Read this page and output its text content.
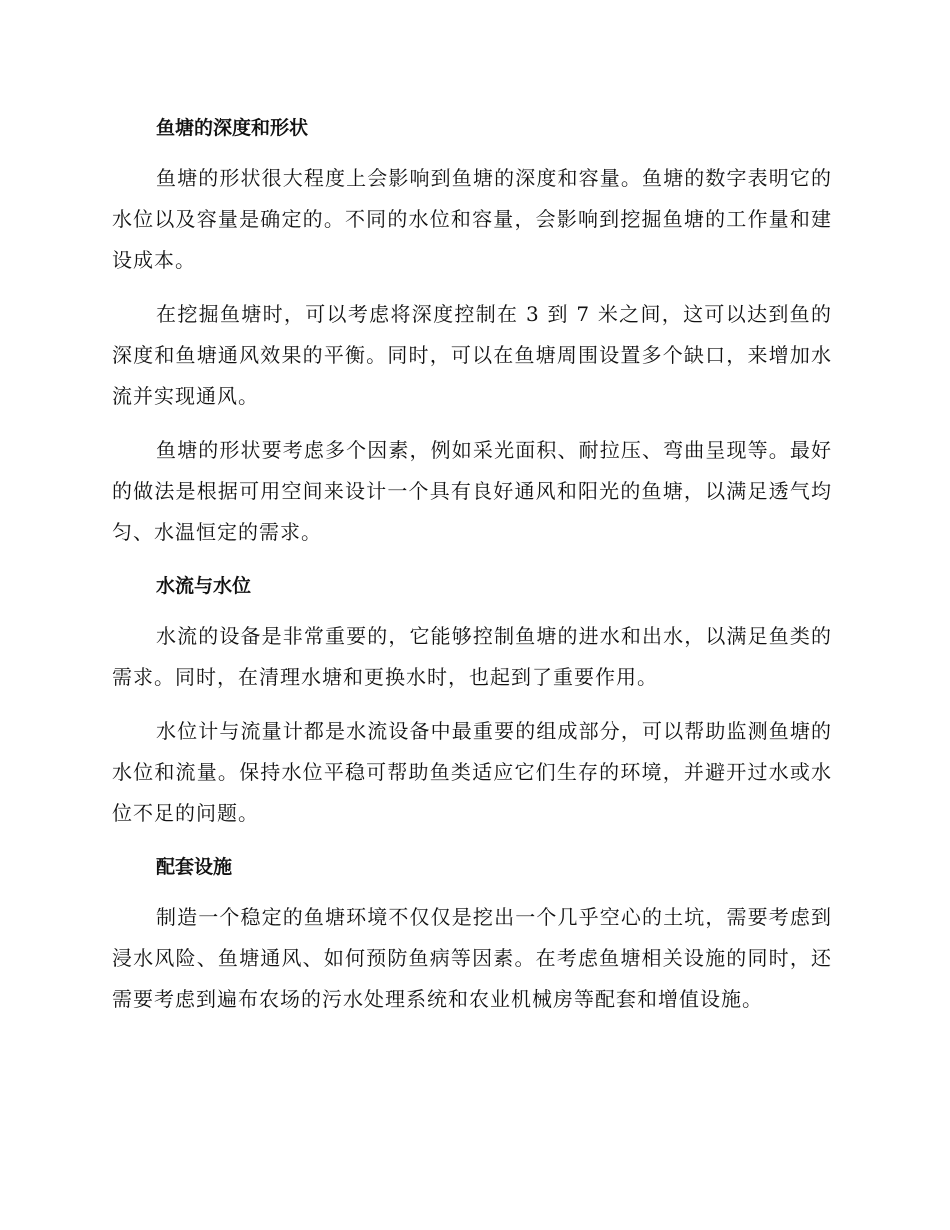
鱼塘的深度和形状

鱼塘的形状很大程度上会影响到鱼塘的深度和容量。鱼塘的数字表明它的水位以及容量是确定的。不同的水位和容量，会影响到挖掘鱼塘的工作量和建设成本。

在挖掘鱼塘时，可以考虑将深度控制在 3 到 7 米之间，这可以达到鱼的深度和鱼塘通风效果的平衡。同时，可以在鱼塘周围设置多个缺口，来增加水流并实现通风。

鱼塘的形状要考虑多个因素，例如采光面积、耐拉压、弯曲呈现等。最好的做法是根据可用空间来设计一个具有良好通风和阳光的鱼塘，以满足透气均匀、水温恒定的需求。

水流与水位

水流的设备是非常重要的，它能够控制鱼塘的进水和出水，以满足鱼类的需求。同时，在清理水塘和更换水时，也起到了重要作用。

水位计与流量计都是水流设备中最重要的组成部分，可以帮助监测鱼塘的水位和流量。保持水位平稳可帮助鱼类适应它们生存的环境，并避开过水或水位不足的问题。

配套设施

制造一个稳定的鱼塘环境不仅仅是挖出一个几乎空心的土坑，需要考虑到浸水风险、鱼塘通风、如何预防鱼病等因素。在考虑鱼塘相关设施的同时，还需要考虑到遍布农场的污水处理系统和农业机械房等配套和增值设施。
